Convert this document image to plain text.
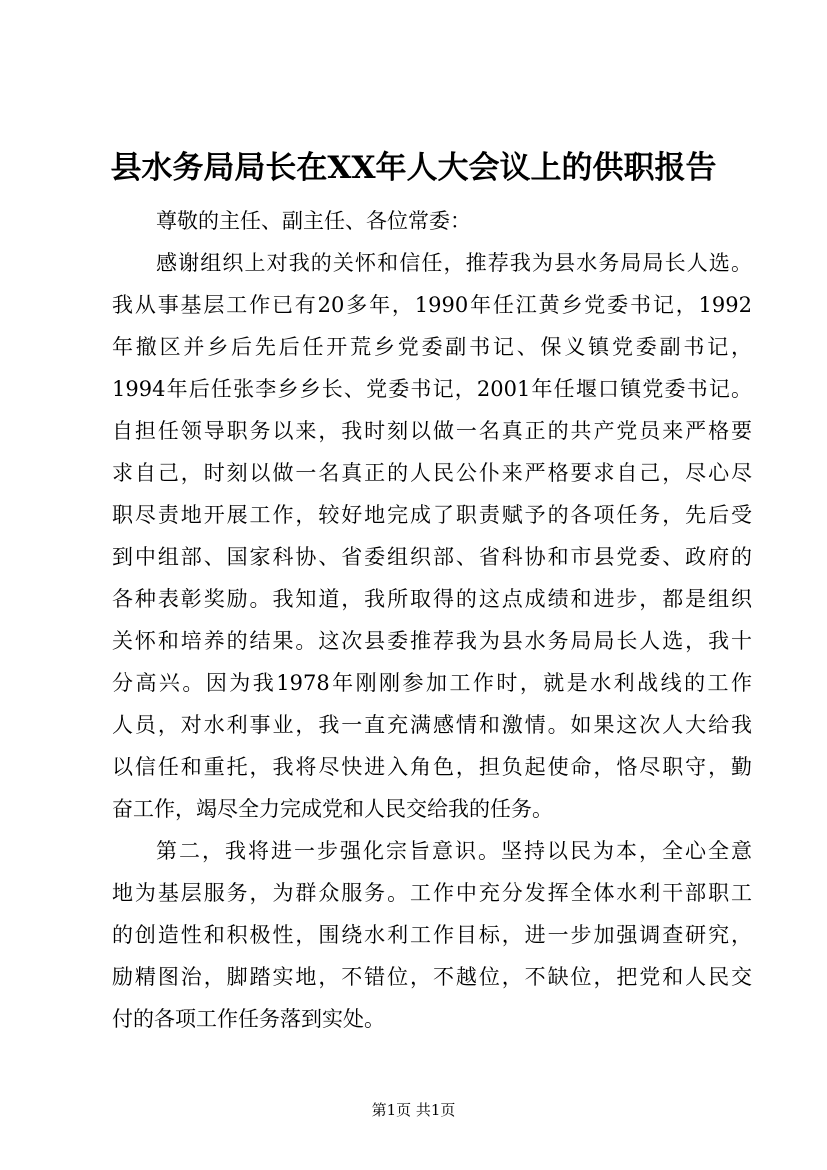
县水务局局长在XX年人大会议上的供职报告
尊敬的主任、副主任、各位常委：
感谢组织上对我的关怀和信任，推荐我为县水务局局长人选。
我从事基层工作已有20多年，1990年任江黄乡党委书记，1992
年撤区并乡后先后任开荒乡党委副书记、保义镇党委副书记，
1994年后任张李乡乡长、党委书记，2001年任堰口镇党委书记。
自担任领导职务以来，我时刻以做一名真正的共产党员来严格要
求自己，时刻以做一名真正的人民公仆来严格要求自己，尽心尽
职尽责地开展工作，较好地完成了职责赋予的各项任务，先后受
到中组部、国家科协、省委组织部、省科协和市县党委、政府的
各种表彰奖励。我知道，我所取得的这点成绩和进步，都是组织
关怀和培养的结果。这次县委推荐我为县水务局局长人选，我十
分高兴。因为我1978年刚刚参加工作时，就是水利战线的工作
人员，对水利事业，我一直充满感情和激情。如果这次人大给我
以信任和重托，我将尽快进入角色，担负起使命，恪尽职守，勤
奋工作，竭尽全力完成党和人民交给我的任务。
第二，我将进一步强化宗旨意识。坚持以民为本，全心全意
地为基层服务，为群众服务。工作中充分发挥全体水利干部职工
的创造性和积极性，围绕水利工作目标，进一步加强调查研究，
励精图治，脚踏实地，不错位，不越位，不缺位，把党和人民交
付的各项工作任务落到实处。
第1页 共1页
